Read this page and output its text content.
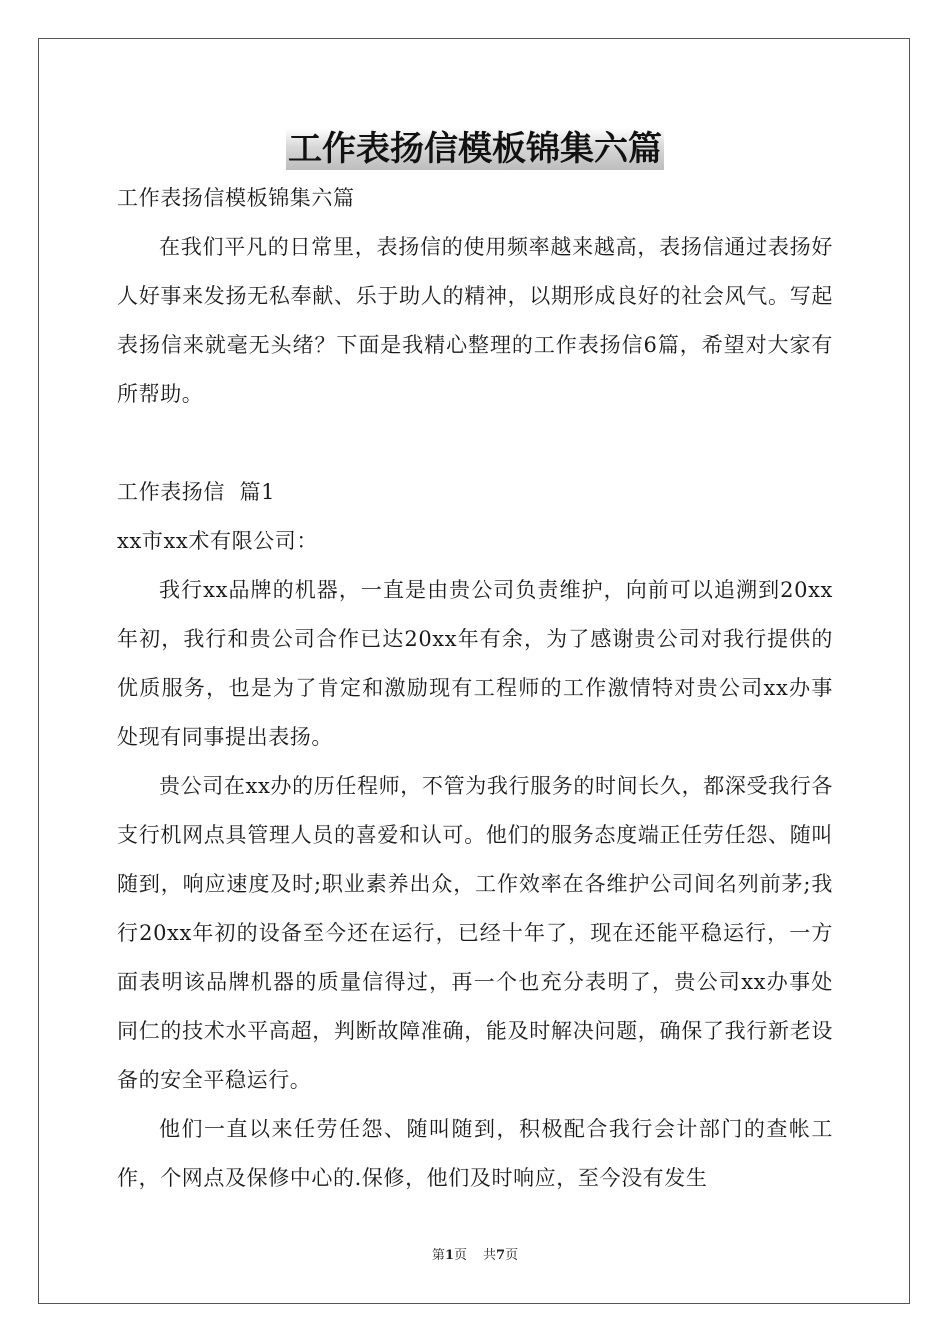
工作表扬信模板锦集六篇

工作表扬信模板锦集六篇

在我们平凡的日常里，表扬信的使用频率越来越高，表扬信通过表扬好人好事来发扬无私奉献、乐于助人的精神，以期形成良好的社会风气。写起表扬信来就毫无头绪？下面是我精心整理的工作表扬信6篇，希望对大家有所帮助。

工作表扬信  篇1

xx市xx术有限公司：

我行xx品牌的机器，一直是由贵公司负责维护，向前可以追溯到20xx年初，我行和贵公司合作已达20xx年有余，为了感谢贵公司对我行提供的优质服务，也是为了肯定和激励现有工程师的工作激情特对贵公司xx办事处现有同事提出表扬。

贵公司在xx办的历任程师，不管为我行服务的时间长久，都深受我行各支行机网点具管理人员的喜爱和认可。他们的服务态度端正任劳任怨、随叫随到，响应速度及时;职业素养出众，工作效率在各维护公司间名列前茅;我行20xx年初的设备至今还在运行，已经十年了，现在还能平稳运行，一方面表明该品牌机器的质量信得过，再一个也充分表明了，贵公司xx办事处同仁的技术水平高超，判断故障准确，能及时解决问题，确保了我行新老设备的安全平稳运行。

他们一直以来任劳任怨、随叫随到，积极配合我行会计部门的查帐工作，个网点及保修中心的.保修，他们及时响应，至今没有发生

第1页 共7页
